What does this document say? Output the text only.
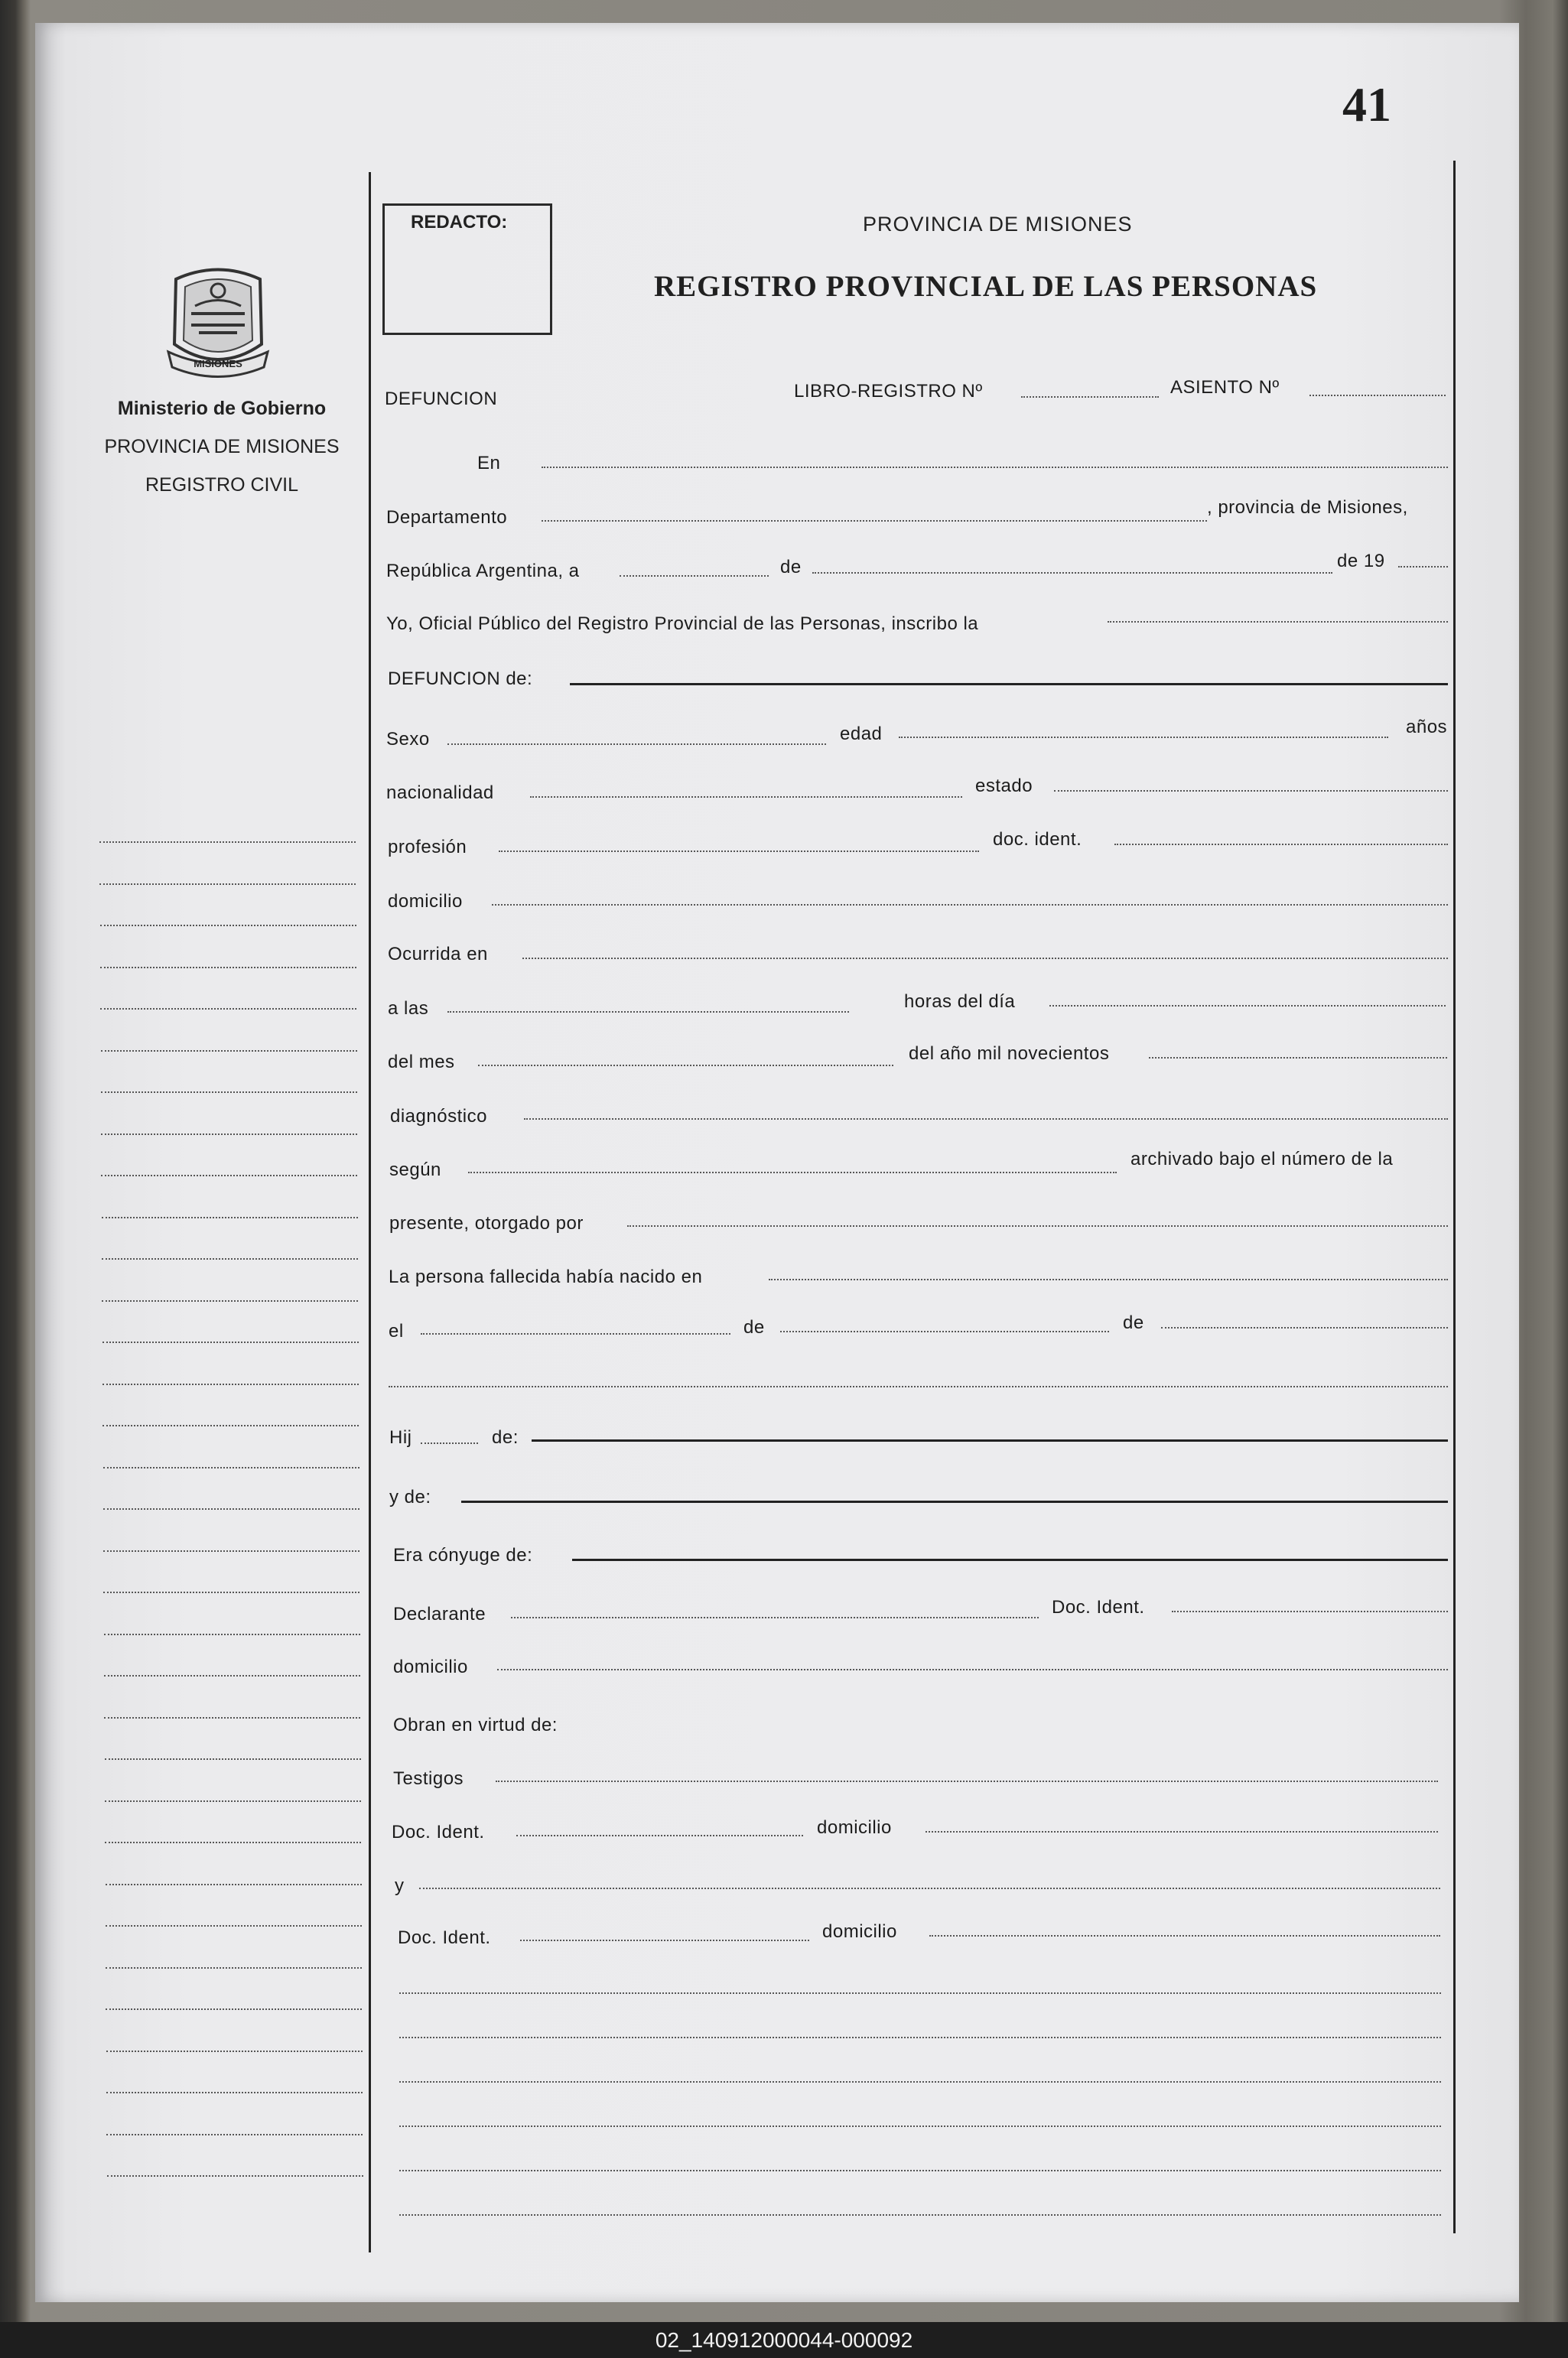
41
MISIONES
Ministerio de Gobierno
PROVINCIA DE MISIONES
REGISTRO CIVIL
REDACTO:	PROVINCIA DE MISIONES
REGISTRO PROVINCIAL DE LAS PERSONAS
DEFUNCION	LIBRO-REGISTRO Nº	ASIENTO Nº
En
Departamento	, provincia de Misiones,
República Argentina, a	de	de 19
Yo, Oficial Público del Registro Provincial de las Personas, inscribo la
DEFUNCION de:
Sexo	edad	años
nacionalidad	estado
profesión	doc. ident.
domicilio
Ocurrida en
a las	horas del día
del mes	del año mil novecientos
diagnóstico
según
archivado bajo el número de la
presente, otorgado por
La persona fallecida había nacido en
el	de	de
Hij	de:
y de:
Era cónyuge de:
Declarante	Doc. Ident.
domicilio
Obran en virtud de:
Testigos
Doc. Ident.	domicilio
y
Doc. Ident.	domicilio
02_140912000044-000092
